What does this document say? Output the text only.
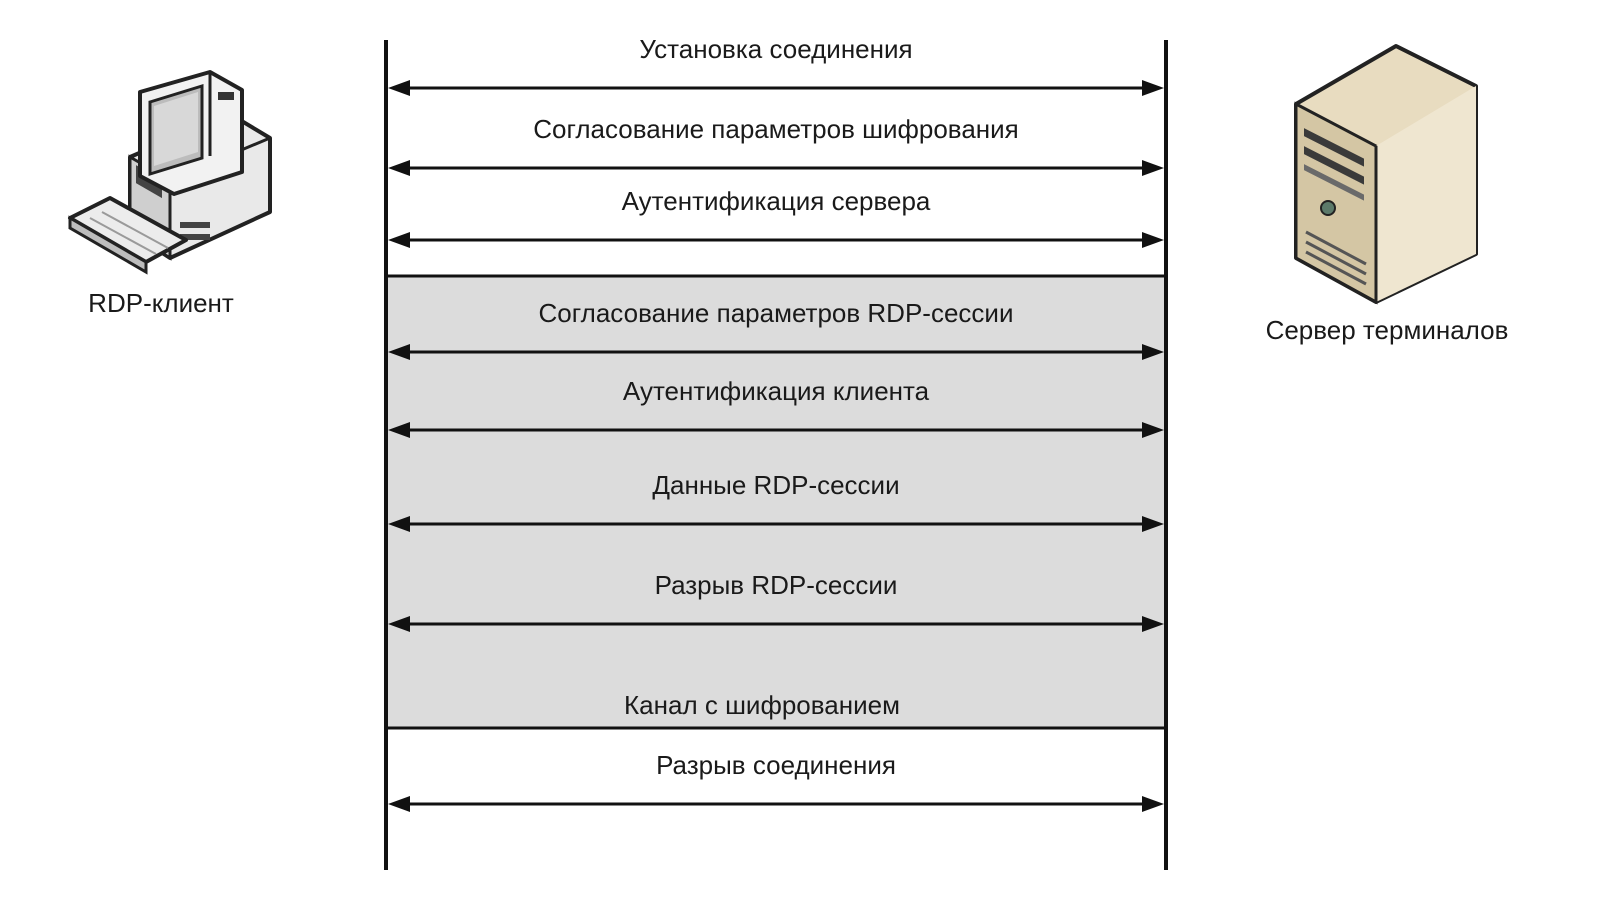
Установка соединения
Согласование параметров шифрования
Аутентификация сервера
Согласование параметров RDP-сессии
Аутентификация клиента
Данные RDP-сессии
Разрыв RDP-сессии
Разрыв соединения
Канал с шифрованием
RDP-клиент
Сервер терминалов
